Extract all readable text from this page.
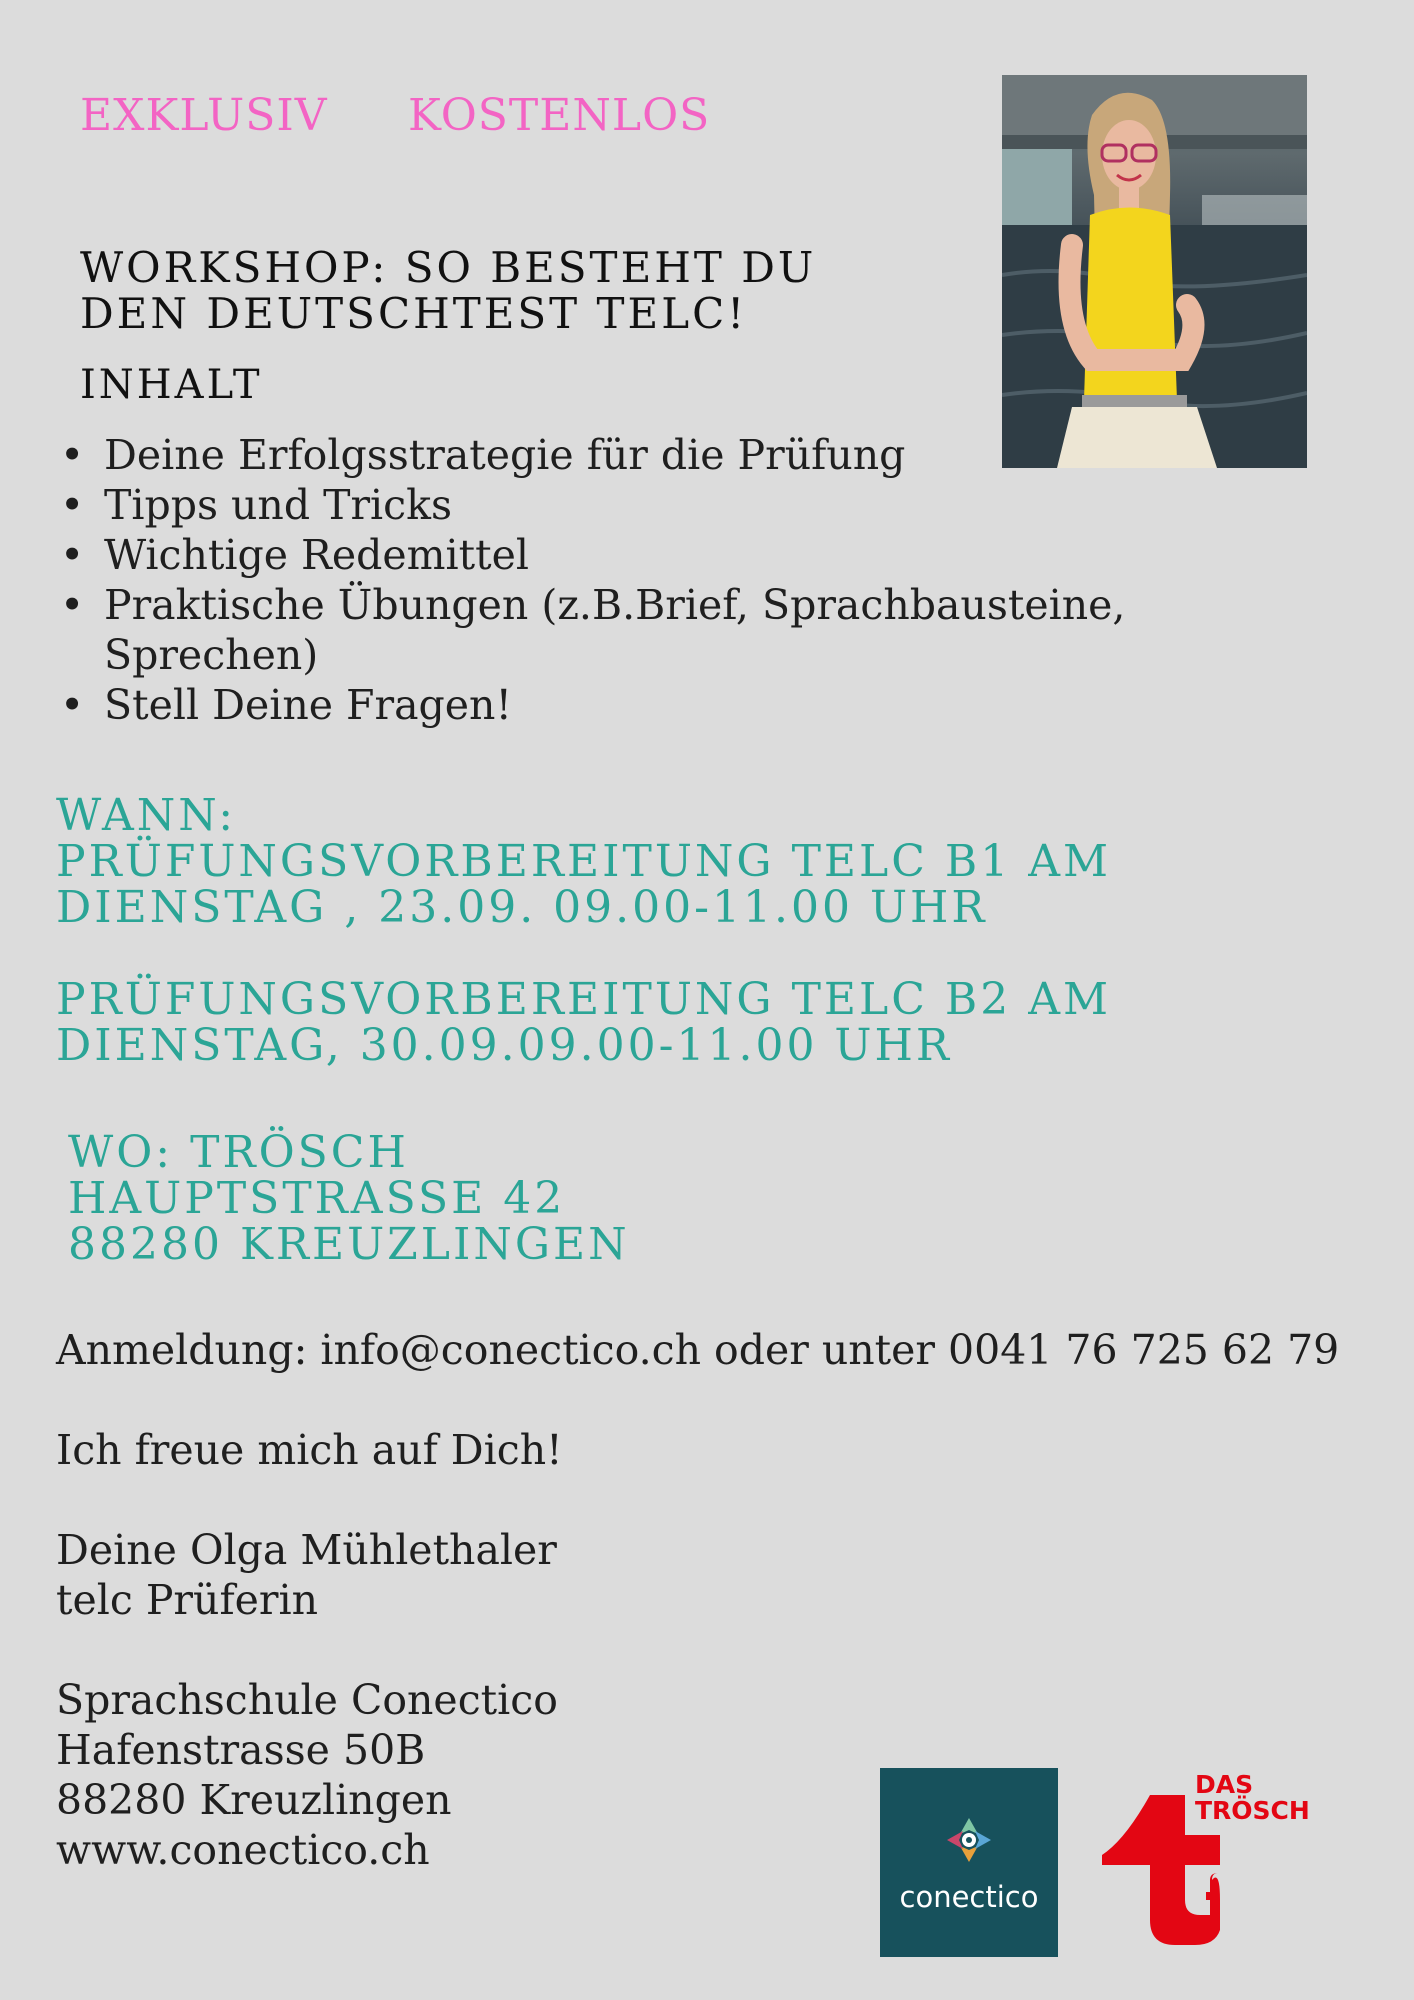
EXKLUSIV KOSTENLOS

WORKSHOP: SO BESTEHT DU
DEN DEUTSCHTEST TELC!
INHALT
• Deine Erfolgsstrategie für die Prüfung
• Tipps und Tricks
• Wichtige Redemittel
• Praktische Übungen (z.B.Brief, Sprachbausteine, Sprechen)
• Stell Deine Fragen!
WANN:
PRÜFUNGSVORBEREITUNG TELC B1 AM
DIENSTAG , 23.09. 09.00-11.00 UHR
PRÜFUNGSVORBEREITUNG TELC B2 AM
DIENSTAG, 30.09.09.00-11.00 UHR
WO: TRÖSCH
HAUPTSTRASSE 42
88280 KREUZLINGEN
Anmeldung: info@conectico.ch oder unter 0041 76 725 62 79
Ich freue mich auf Dich!
Deine Olga Mühlethaler
telc Prüferin
Sprachschule Conectico
Hafenstrasse 50B
88280 Kreuzlingen
www.conectico.ch
conectico
DAS
TRÖSCH
